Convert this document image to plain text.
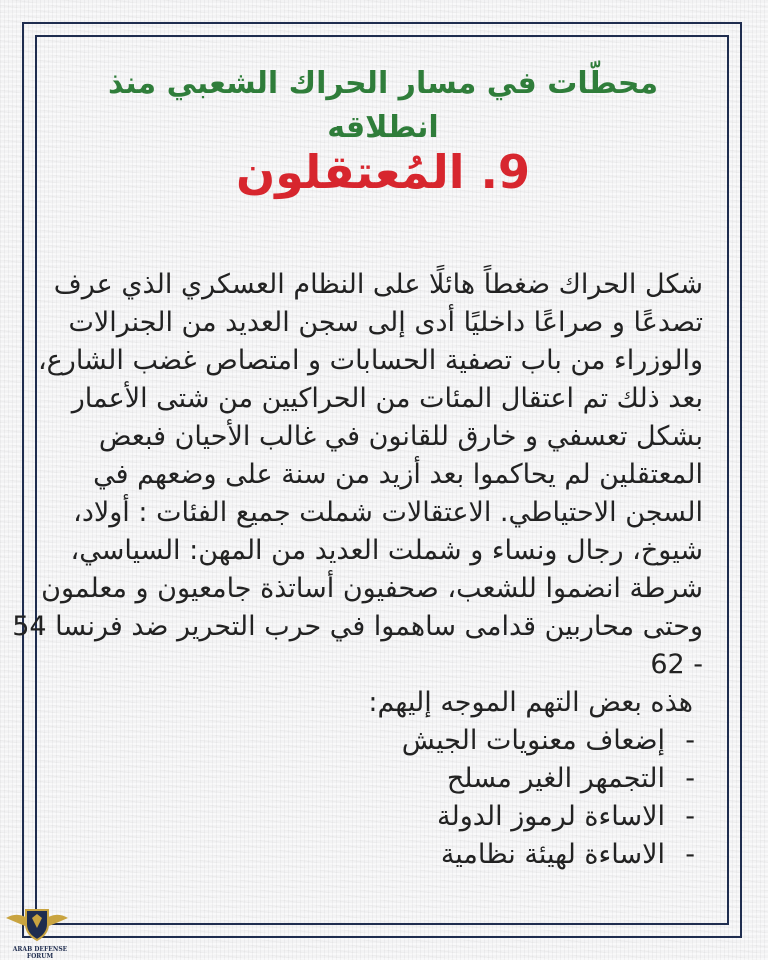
محطّات في مسار الحراك الشعبي منذ انطلاقه
9. المُعتقلون
شكل الحراك ضغطاً هائلًا على النظام العسكري الذي عرف
تصدعًا و صراعًا داخليًا أدى إلى سجن العديد من الجنرالات
والوزراء من باب تصفية الحسابات و امتصاص غضب الشارع،
بعد ذلك تم اعتقال المئات من الحراكيين من شتى الأعمار
بشكل تعسفي و خارق للقانون في غالب الأحيان فبعض
المعتقلين لم يحاكموا بعد أزيد من سنة على وضعهم في
السجن الاحتياطي. الاعتقالات شملت جميع الفئات : أولاد،
شيوخ، رجال ونساء و شملت العديد من المهن: السياسي،
شرطة انضموا للشعب، صحفيون أساتذة جامعيون و معلمون
وحتى محاربين قدامى ساهموا في حرب التحرير ضد فرنسا 54
- 62
هذه بعض التهم الموجه إليهم:
-إضعاف معنويات الجيش
-التجمهر الغير مسلح
-الاساءة لرموز الدولة
-الاساءة لهيئة نظامية
ARAB DEFENSE FORUM
